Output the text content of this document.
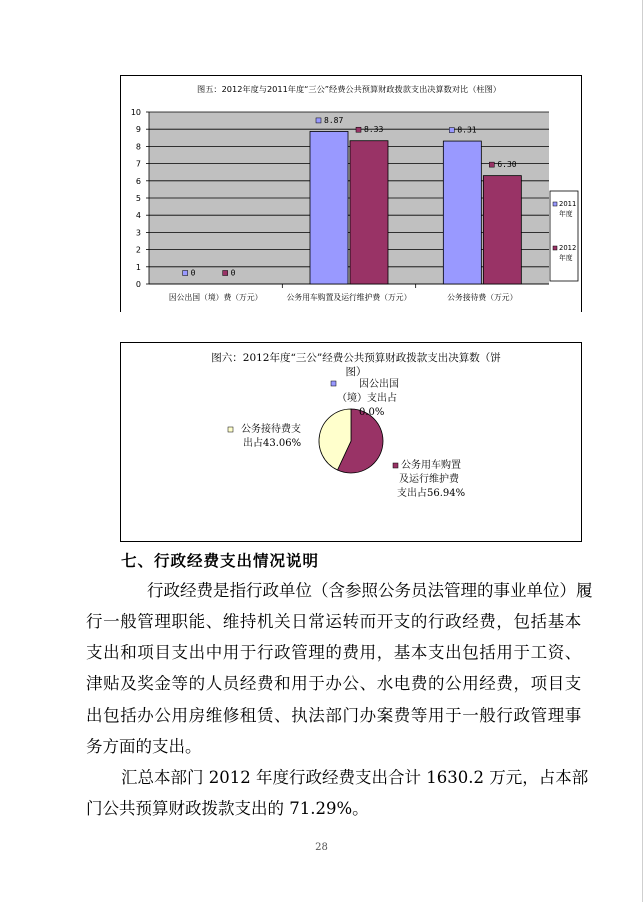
图五：2012年度与2011年度“三公”经费公共预算财政拨款支出决算数对比（柱图）
0
1
2
3
4
5
6
7
8
9
10
因公出国（境）费（万元）
0	0
公务用车购置及运行维护费（万元）
8.87
8.33
公务接待费（万元）
8.31
6.30
2011
年度
2012
年度
图六：2012年度“三公”经费公共预算财政拨款支出决算数（饼
图）
因公出国
（境）支出占
0.0%
公务用车购置
及运行维护费
支出占56.94%
公务接待费支
出占43.06%
七、行政经费支出情况说明
行政经费是指行政单位（含参照公务员法管理的事业单位）履
行一般管理职能、维持机关日常运转而开支的行政经费，包括基本
支出和项目支出中用于行政管理的费用，基本支出包括用于工资、
津贴及奖金等的人员经费和用于办公、水电费的公用经费，项目支
出包括办公用房维修租赁、执法部门办案费等用于一般行政管理事
务方面的支出。
汇总本部门 2012 年度行政经费支出合计 1630.2 万元，占本部
门公共预算财政拨款支出的 71.29%。
28
